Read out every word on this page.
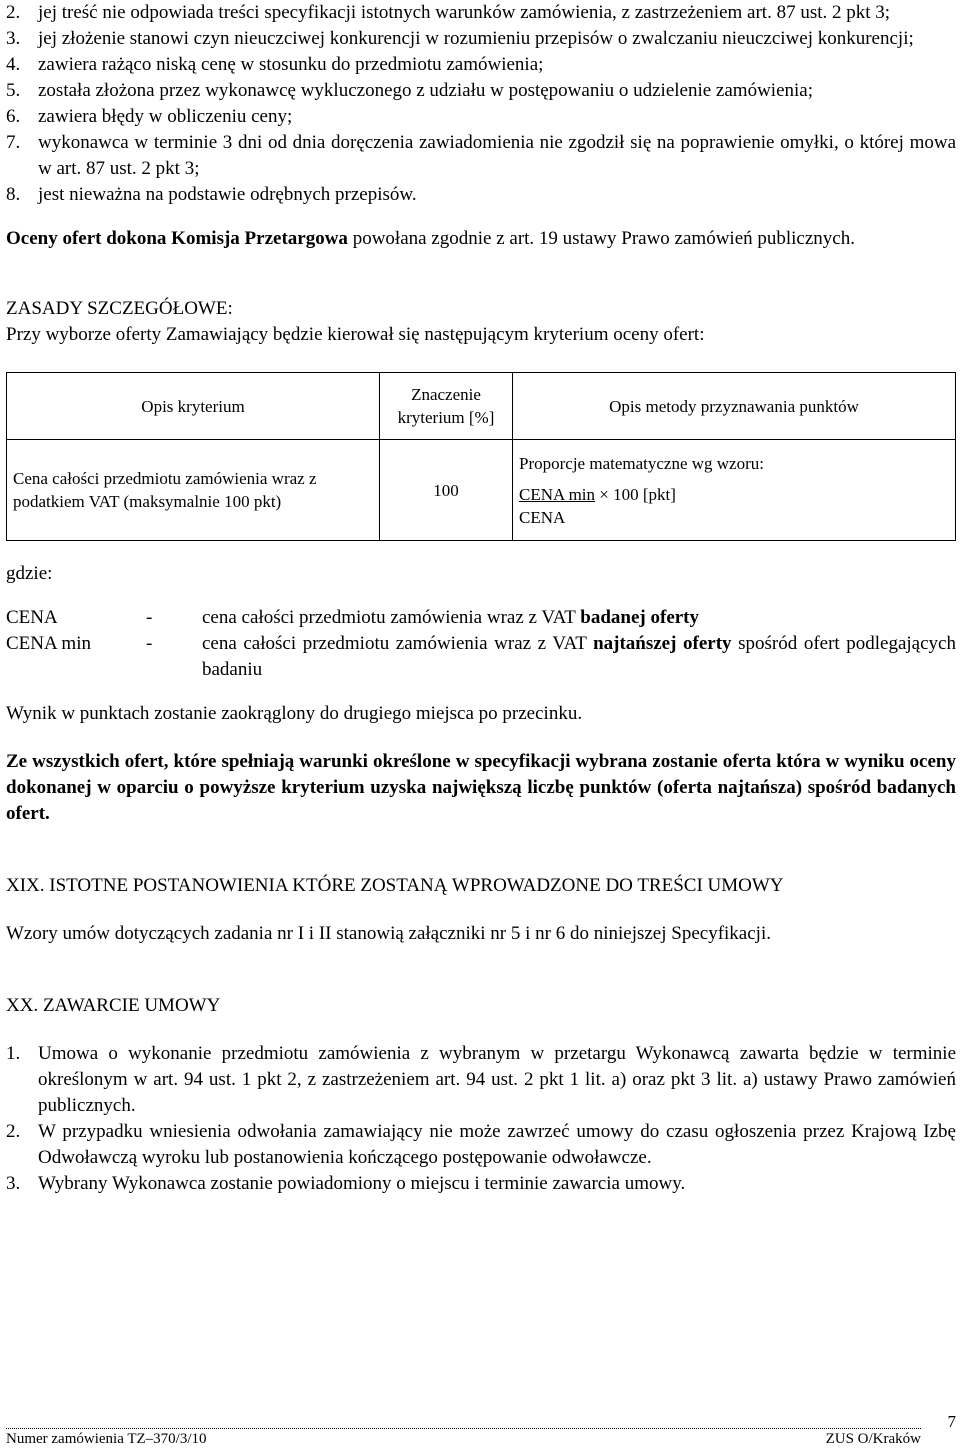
2. jej treść nie odpowiada treści specyfikacji istotnych warunków zamówienia, z zastrzeżeniem art. 87 ust. 2 pkt 3;
3. jej złożenie stanowi czyn nieuczciwej konkurencji w rozumieniu przepisów o zwalczaniu nieuczciwej konkurencji;
4. zawiera rażąco niską cenę w stosunku do przedmiotu zamówienia;
5. została złożona przez wykonawcę wykluczonego z udziału w postępowaniu o udzielenie zamówienia;
6. zawiera błędy w obliczeniu ceny;
7. wykonawca w terminie 3 dni od dnia doręczenia zawiadomienia nie zgodził się na poprawienie omyłki, o której mowa w art. 87 ust. 2 pkt 3;
8. jest nieważna na podstawie odrębnych przepisów.
Oceny ofert dokona Komisja Przetargowa powołana zgodnie z art. 19 ustawy Prawo zamówień publicznych.
ZASADY SZCZEGÓŁOWE:
Przy wyborze oferty Zamawiający będzie kierował się następującym kryterium oceny ofert:
Opis kryterium	Znaczenie kryterium [%]	Opis metody przyznawania punktów
Cena całości przedmiotu zamówienia wraz z podatkiem VAT (maksymalnie 100 pkt)	100	Proporcje matematyczne wg wzoru:
CENA min × 100 [pkt]
CENA
gdzie:
CENA	-	cena całości przedmiotu zamówienia wraz z VAT badanej oferty
CENA min	-	cena całości przedmiotu zamówienia wraz z VAT najtańszej oferty spośród ofert podlegających badaniu
Wynik w punktach zostanie zaokrąglony do drugiego miejsca po przecinku.
Ze wszystkich ofert, które spełniają warunki określone w specyfikacji wybrana zostanie oferta która w wyniku oceny dokonanej w oparciu o powyższe kryterium uzyska największą liczbę punktów (oferta najtańsza) spośród badanych ofert.
XIX. ISTOTNE POSTANOWIENIA KTÓRE ZOSTANĄ WPROWADZONE DO TREŚCI UMOWY
Wzory umów dotyczących zadania nr I i II stanowią załączniki nr 5 i nr 6 do niniejszej Specyfikacji.
XX. ZAWARCIE UMOWY
1. Umowa o wykonanie przedmiotu zamówienia z wybranym w przetargu Wykonawcą zawarta będzie w terminie określonym w art. 94 ust. 1 pkt 2, z zastrzeżeniem art. 94 ust. 2 pkt 1 lit. a) oraz pkt 3 lit. a) ustawy Prawo zamówień publicznych.
2. W przypadku wniesienia odwołania zamawiający nie może zawrzeć umowy do czasu ogłoszenia przez Krajową Izbę Odwoławczą wyroku lub postanowienia kończącego postępowanie odwoławcze.
3. Wybrany Wykonawca zostanie powiadomiony o miejscu i terminie zawarcia umowy.
7
Numer zamówienia TZ–370/3/10	ZUS O/Kraków
